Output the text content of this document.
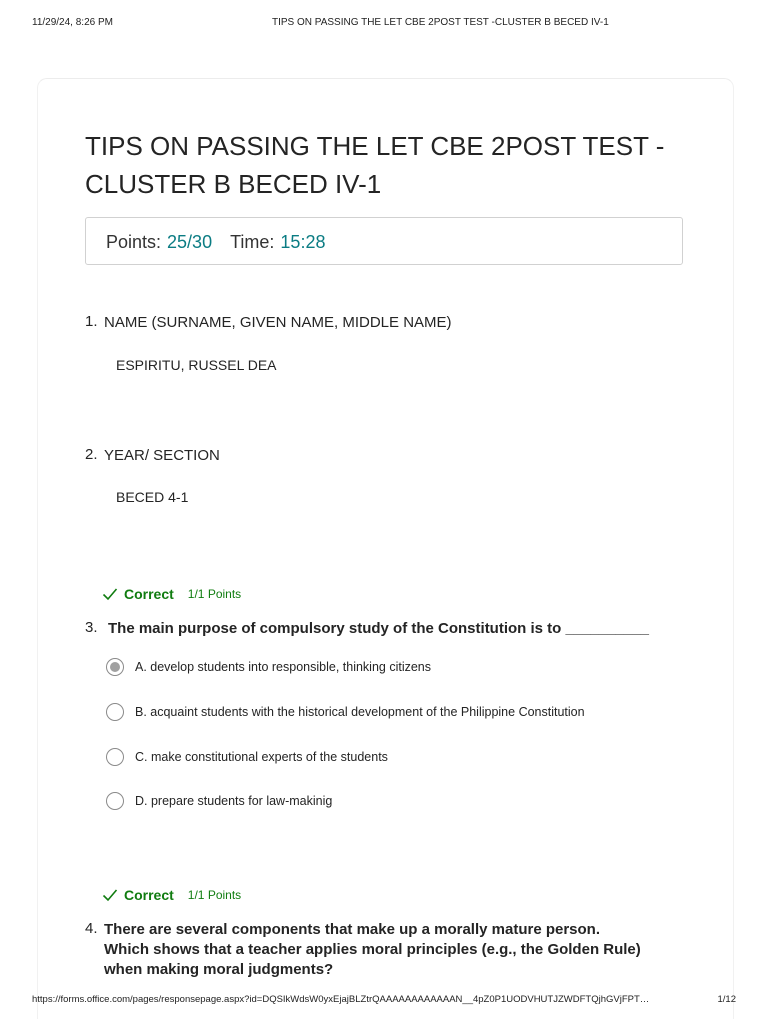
11/29/24, 8:26 PM	TIPS ON PASSING THE LET CBE 2POST TEST -CLUSTER B BECED IV-1
TIPS ON PASSING THE LET CBE 2POST TEST - CLUSTER B BECED IV-1
Points: 25/30 Time: 15:28
1. NAME (SURNAME, GIVEN NAME, MIDDLE NAME)
ESPIRITU, RUSSEL DEA
2. YEAR/ SECTION
BECED 4-1
Correct 1/1 Points
3. The main purpose of compulsory study of the Constitution is to __________
A. develop students into responsible, thinking citizens
B. acquaint students with the historical development of the Philippine Constitution
C. make constitutional experts of the students
D. prepare students for law-makinig
Correct 1/1 Points
4. There are several components that make up a morally mature person.
Which shows that a teacher applies moral principles (e.g., the Golden Rule)
when making moral judgments?
https://forms.office.com/pages/responsepage.aspx?id=DQSIkWdsW0yxEjajBLZtrQAAAAAAAAAAAAN__4pZ0P1UODVHUTJZWDFTQjhGVjFPT…	1/12
